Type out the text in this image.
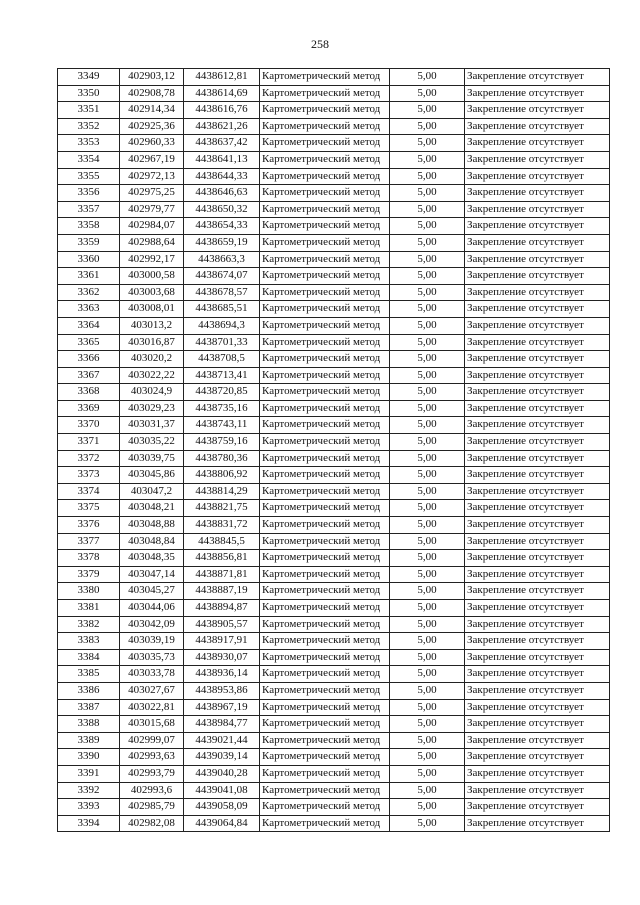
258
3349	402903,12	4438612,81	Картометрический метод	5,00	Закрепление отсутствует
3350	402908,78	4438614,69	Картометрический метод	5,00	Закрепление отсутствует
3351	402914,34	4438616,76	Картометрический метод	5,00	Закрепление отсутствует
3352	402925,36	4438621,26	Картометрический метод	5,00	Закрепление отсутствует
3353	402960,33	4438637,42	Картометрический метод	5,00	Закрепление отсутствует
3354	402967,19	4438641,13	Картометрический метод	5,00	Закрепление отсутствует
3355	402972,13	4438644,33	Картометрический метод	5,00	Закрепление отсутствует
3356	402975,25	4438646,63	Картометрический метод	5,00	Закрепление отсутствует
3357	402979,77	4438650,32	Картометрический метод	5,00	Закрепление отсутствует
3358	402984,07	4438654,33	Картометрический метод	5,00	Закрепление отсутствует
3359	402988,64	4438659,19	Картометрический метод	5,00	Закрепление отсутствует
3360	402992,17	4438663,3	Картометрический метод	5,00	Закрепление отсутствует
3361	403000,58	4438674,07	Картометрический метод	5,00	Закрепление отсутствует
3362	403003,68	4438678,57	Картометрический метод	5,00	Закрепление отсутствует
3363	403008,01	4438685,51	Картометрический метод	5,00	Закрепление отсутствует
3364	403013,2	4438694,3	Картометрический метод	5,00	Закрепление отсутствует
3365	403016,87	4438701,33	Картометрический метод	5,00	Закрепление отсутствует
3366	403020,2	4438708,5	Картометрический метод	5,00	Закрепление отсутствует
3367	403022,22	4438713,41	Картометрический метод	5,00	Закрепление отсутствует
3368	403024,9	4438720,85	Картометрический метод	5,00	Закрепление отсутствует
3369	403029,23	4438735,16	Картометрический метод	5,00	Закрепление отсутствует
3370	403031,37	4438743,11	Картометрический метод	5,00	Закрепление отсутствует
3371	403035,22	4438759,16	Картометрический метод	5,00	Закрепление отсутствует
3372	403039,75	4438780,36	Картометрический метод	5,00	Закрепление отсутствует
3373	403045,86	4438806,92	Картометрический метод	5,00	Закрепление отсутствует
3374	403047,2	4438814,29	Картометрический метод	5,00	Закрепление отсутствует
3375	403048,21	4438821,75	Картометрический метод	5,00	Закрепление отсутствует
3376	403048,88	4438831,72	Картометрический метод	5,00	Закрепление отсутствует
3377	403048,84	4438845,5	Картометрический метод	5,00	Закрепление отсутствует
3378	403048,35	4438856,81	Картометрический метод	5,00	Закрепление отсутствует
3379	403047,14	4438871,81	Картометрический метод	5,00	Закрепление отсутствует
3380	403045,27	4438887,19	Картометрический метод	5,00	Закрепление отсутствует
3381	403044,06	4438894,87	Картометрический метод	5,00	Закрепление отсутствует
3382	403042,09	4438905,57	Картометрический метод	5,00	Закрепление отсутствует
3383	403039,19	4438917,91	Картометрический метод	5,00	Закрепление отсутствует
3384	403035,73	4438930,07	Картометрический метод	5,00	Закрепление отсутствует
3385	403033,78	4438936,14	Картометрический метод	5,00	Закрепление отсутствует
3386	403027,67	4438953,86	Картометрический метод	5,00	Закрепление отсутствует
3387	403022,81	4438967,19	Картометрический метод	5,00	Закрепление отсутствует
3388	403015,68	4438984,77	Картометрический метод	5,00	Закрепление отсутствует
3389	402999,07	4439021,44	Картометрический метод	5,00	Закрепление отсутствует
3390	402993,63	4439039,14	Картометрический метод	5,00	Закрепление отсутствует
3391	402993,79	4439040,28	Картометрический метод	5,00	Закрепление отсутствует
3392	402993,6	4439041,08	Картометрический метод	5,00	Закрепление отсутствует
3393	402985,79	4439058,09	Картометрический метод	5,00	Закрепление отсутствует
3394	402982,08	4439064,84	Картометрический метод	5,00	Закрепление отсутствует
